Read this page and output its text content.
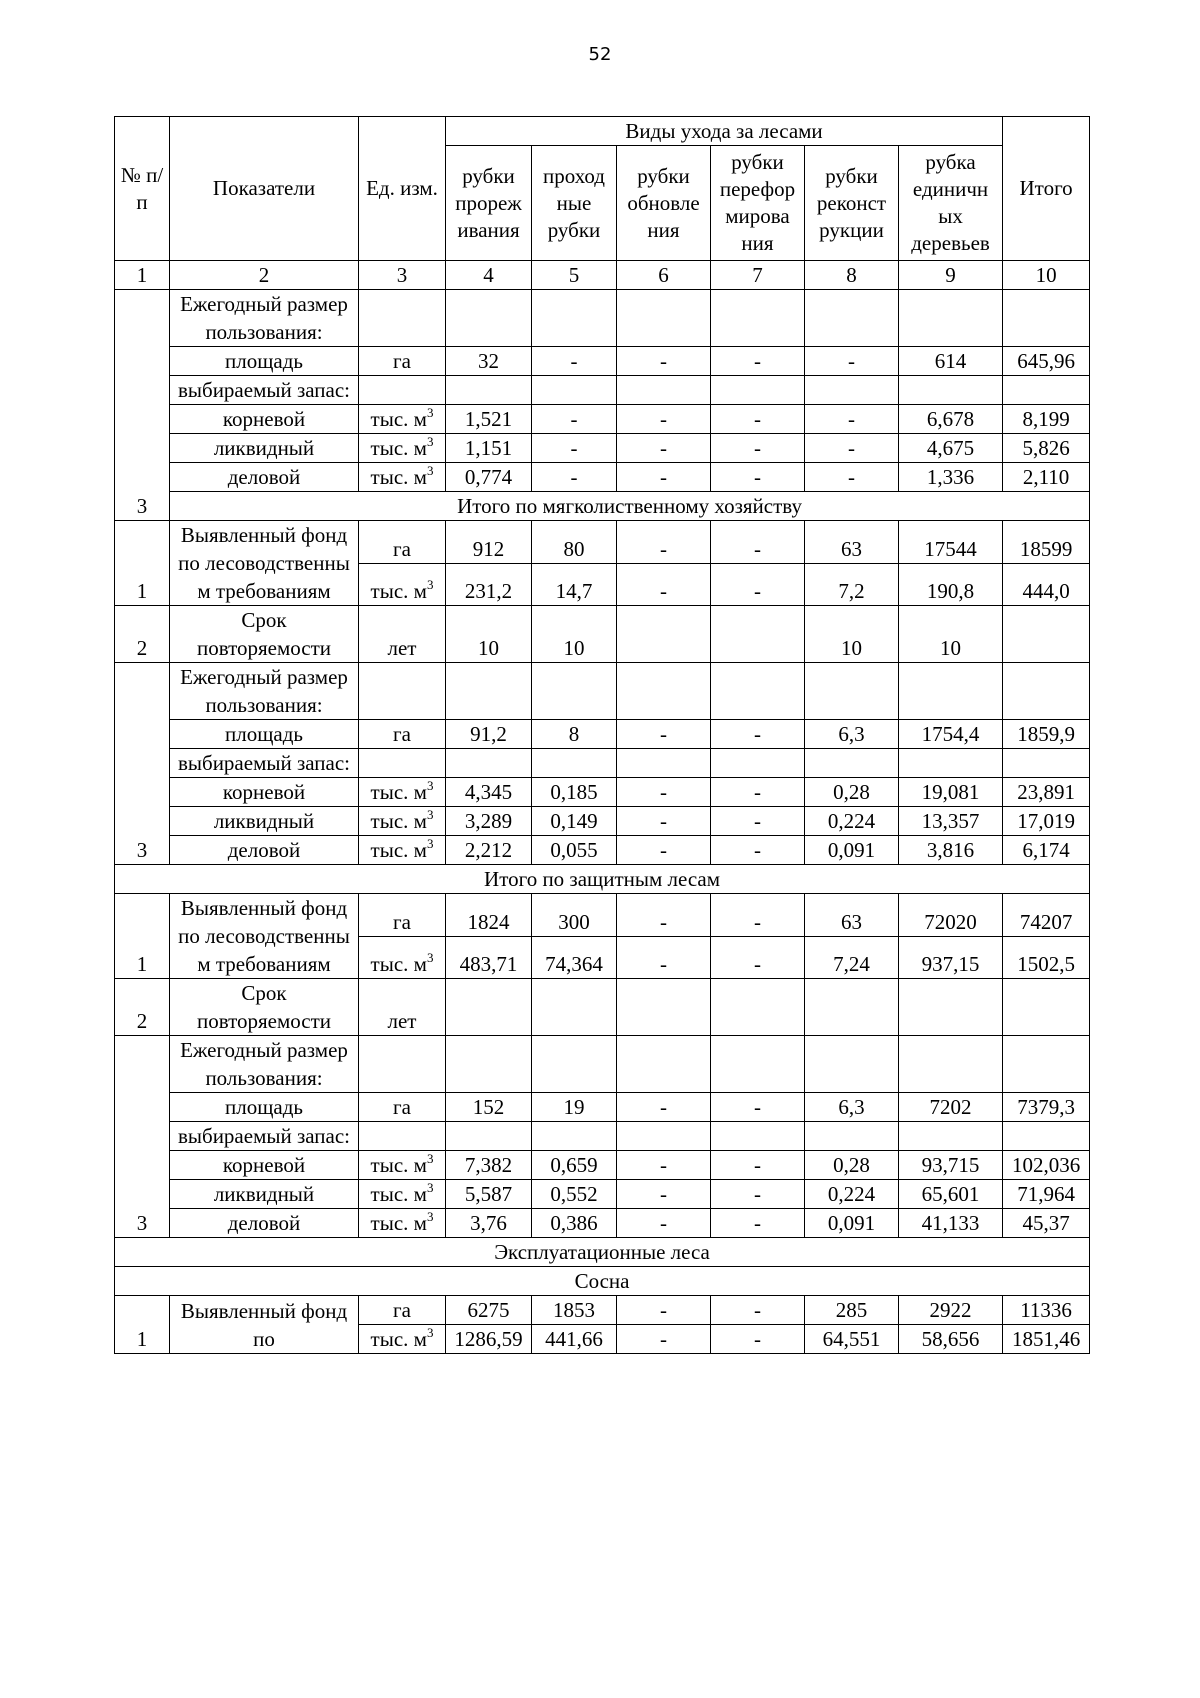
52
№ п/п	Показатели	Ед. изм.	Виды ухода за лесами						Итого
			рубки прореж ивания	проход ные рубки	рубки обновле ния	рубки перефор мирова ния	рубки реконст рукции	рубка единичн ых деревьев	
1	2	3	4	5	6	7	8	9	10
3	Ежегодный размер пользования:								
	площадь	га	32	-	-	-	-	614	645,96
	выбираемый запас:								
	корневой	тыс. $м^3$	1,521	-	-	-	-	6,678	8,199
	ликвидный	тыс. $м^3$	1,151	-	-	-	-	4,675	5,826
	деловой	тыс. $м^3$	0,774	-	-	-	-	1,336	2,110
	Итого по мягколиственному хозяйству								
1	Выявленный фонд по лесоводственны м требованиям	га	912	80	-	-	63	17544	18599
		тыс. $м^3$	231,2	14,7	-	-	7,2	190,8	444,0
2	Срок повторяемости	лет	10	10			10	10	
3	Ежегодный размер пользования:								
	площадь	га	91,2	8	-	-	6,3	1754,4	1859,9
	выбираемый запас:								
	корневой	тыс. $м^3$	4,345	0,185	-	-	0,28	19,081	23,891
	ликвидный	тыс. $м^3$	3,289	0,149	-	-	0,224	13,357	17,019
	деловой	тыс. $м^3$	2,212	0,055	-	-	0,091	3,816	6,174
Итого по защитным лесам									
1	Выявленный фонд по лесоводственны м требованиям	га	1824	300	-	-	63	72020	74207
		тыс. $м^3$	483,71	74,364	-	-	7,24	937,15	1502,5
2	Срок повторяемости	лет							
3	Ежегодный размер пользования:								
	площадь	га	152	19	-	-	6,3	7202	7379,3
	выбираемый запас:								
	корневой	тыс. $м^3$	7,382	0,659	-	-	0,28	93,715	102,036
	ликвидный	тыс. $м^3$	5,587	0,552	-	-	0,224	65,601	71,964
	деловой	тыс. $м^3$	3,76	0,386	-	-	0,091	41,133	45,37
Эксплуатационные леса									
Сосна									
1	Выявленный фонд по	га	6275	1853	-	-	285	2922	11336
		тыс. $м^3$	1286,59	441,66	-	-	64,551	58,656	1851,46
